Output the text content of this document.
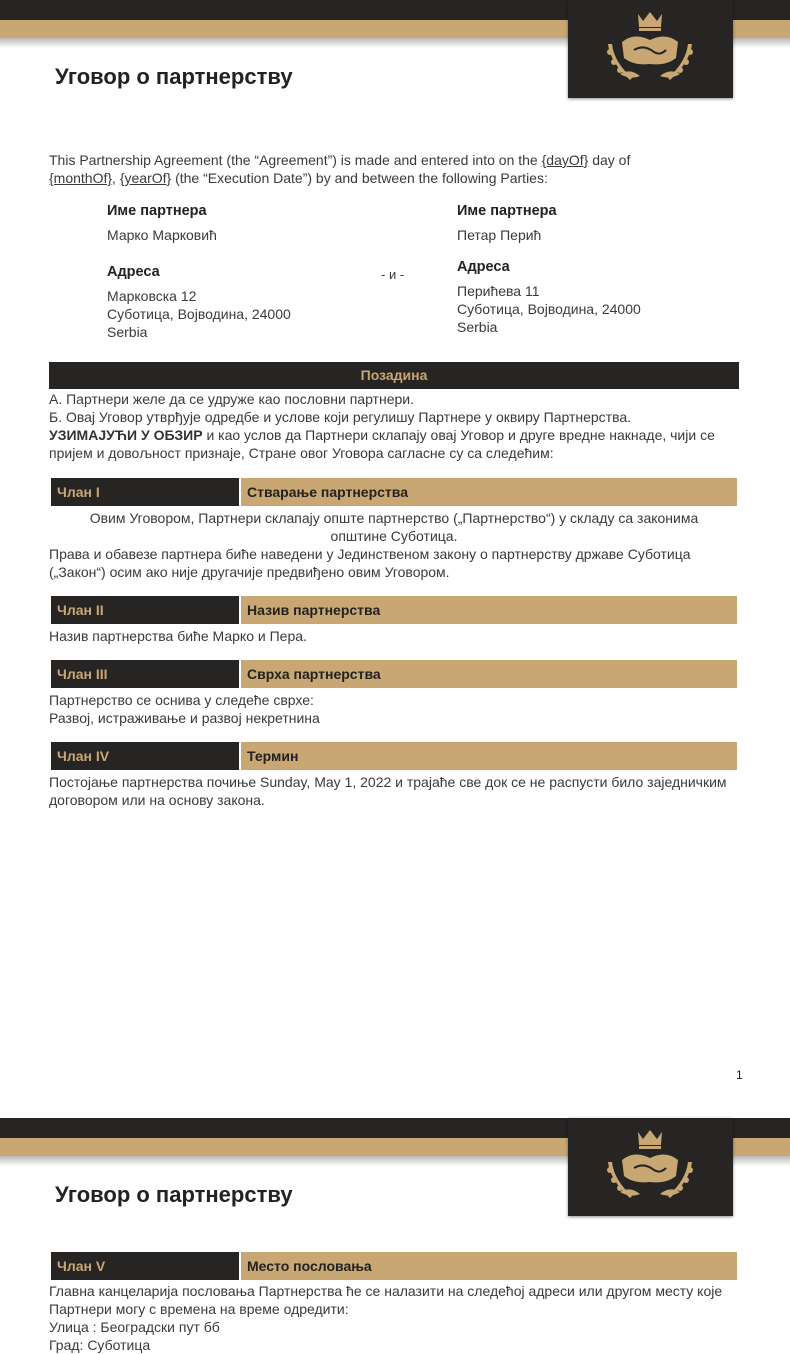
Уговор о партнерству

This Partnership Agreement (the “Agreement”) is made and entered into on the {dayOf} day of
{monthOf}, {yearOf} (the “Execution Date”) by and between the following Parties:

Име партнера
Марко Марковић
Адреса
Марковска 12
Суботица, Војводина, 24000
Serbia
- и -
Име партнера
Петар Перић
Адреса
Перићева 11
Суботица, Војводина, 24000
Serbia
Позадина
А. Партнери желе да се удруже као пословни партнери.
Б. Овај Уговор утврђује одредбе и услове који регулишу Партнере у оквиру Партнерства.
УЗИМАЈУЋИ У ОБЗИР и као услов да Партнери склапају овај Уговор и друге вредне накнаде, чији се пријем и довољност признаје, Стране овог Уговора сагласне су са следећим:
Члан I	Стварање партнерства

Овим Уговором, Партнери склапају опште партнерство („Партнерство“) у складу са законима општине Суботица.

Права и обавезе партнера биће наведени у Јединственом закону о партнерству државе Суботица („Закон“) осим ако није другачије предвиђено овим Уговором.

Члан II	Назив партнерства

Назив партнерства биће Марко и Пера.

Члан III	Сврха партнерства
Партнерство се оснива у следеће сврхе:
Развој, истраживање и развој некретнина
Члан IV	Термин

Постојање партнерства почиње Sunday, May 1, 2022 и трајаће све док се не распусти било заједничким договором или на основу закона.

1
Уговор о партнерству
Члан V	Место пословања
Главна канцеларија пословања Партнерства ће се налазити на следећој адреси или другом месту које Партнери могу с времена на време одредити:
Улица : Београдски пут бб
Град: Суботица
